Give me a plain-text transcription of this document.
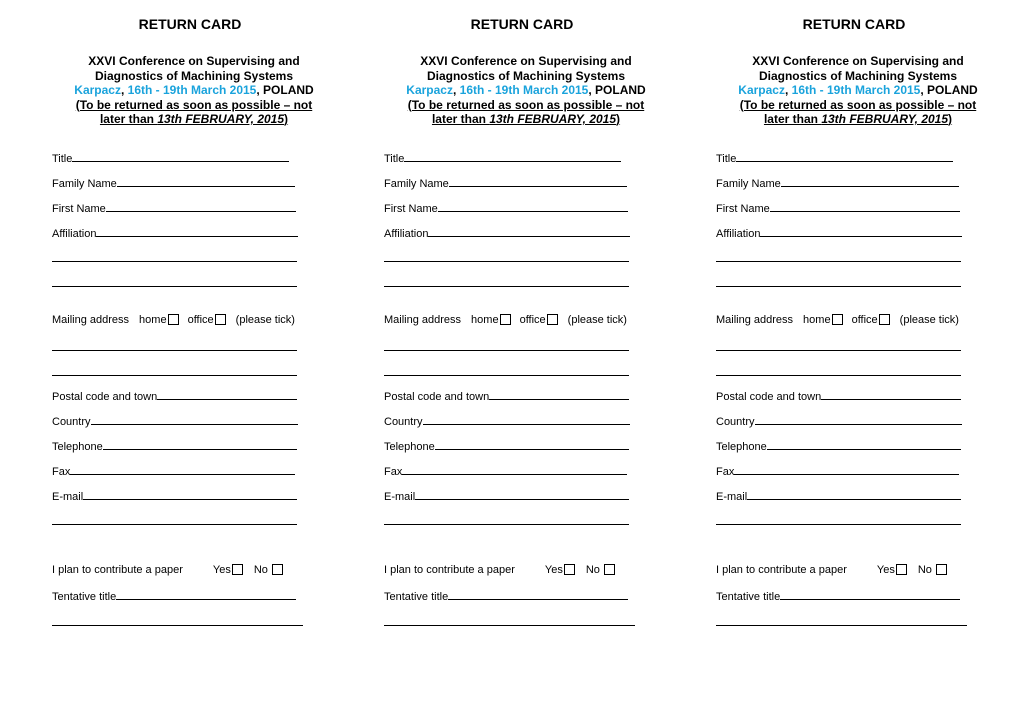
RETURN CARD
XXVI Conference on Supervising and
Diagnostics of Machining Systems
Karpacz, 16th - 19th March 2015, POLAND
(To be returned as soon as possible – not
later than 13th FEBRUARY, 2015)
Title
Family Name
First Name
Affiliation
Mailing address home office (please tick)
Postal code and town
Country
Telephone
Fax
E-mail
I plan to contribute a paper	Yes No
Tentative title
RETURN CARD
XXVI Conference on Supervising and
Diagnostics of Machining Systems
Karpacz, 16th - 19th March 2015, POLAND
(To be returned as soon as possible – not
later than 13th FEBRUARY, 2015)
Title
Family Name
First Name
Affiliation
Mailing address home office (please tick)
Postal code and town
Country
Telephone
Fax
E-mail
I plan to contribute a paper	Yes No
Tentative title
RETURN CARD
XXVI Conference on Supervising and
Diagnostics of Machining Systems
Karpacz, 16th - 19th March 2015, POLAND
(To be returned as soon as possible – not
later than 13th FEBRUARY, 2015)
Title
Family Name
First Name
Affiliation
Mailing address home office (please tick)
Postal code and town
Country
Telephone
Fax
E-mail
I plan to contribute a paper	Yes No
Tentative title
